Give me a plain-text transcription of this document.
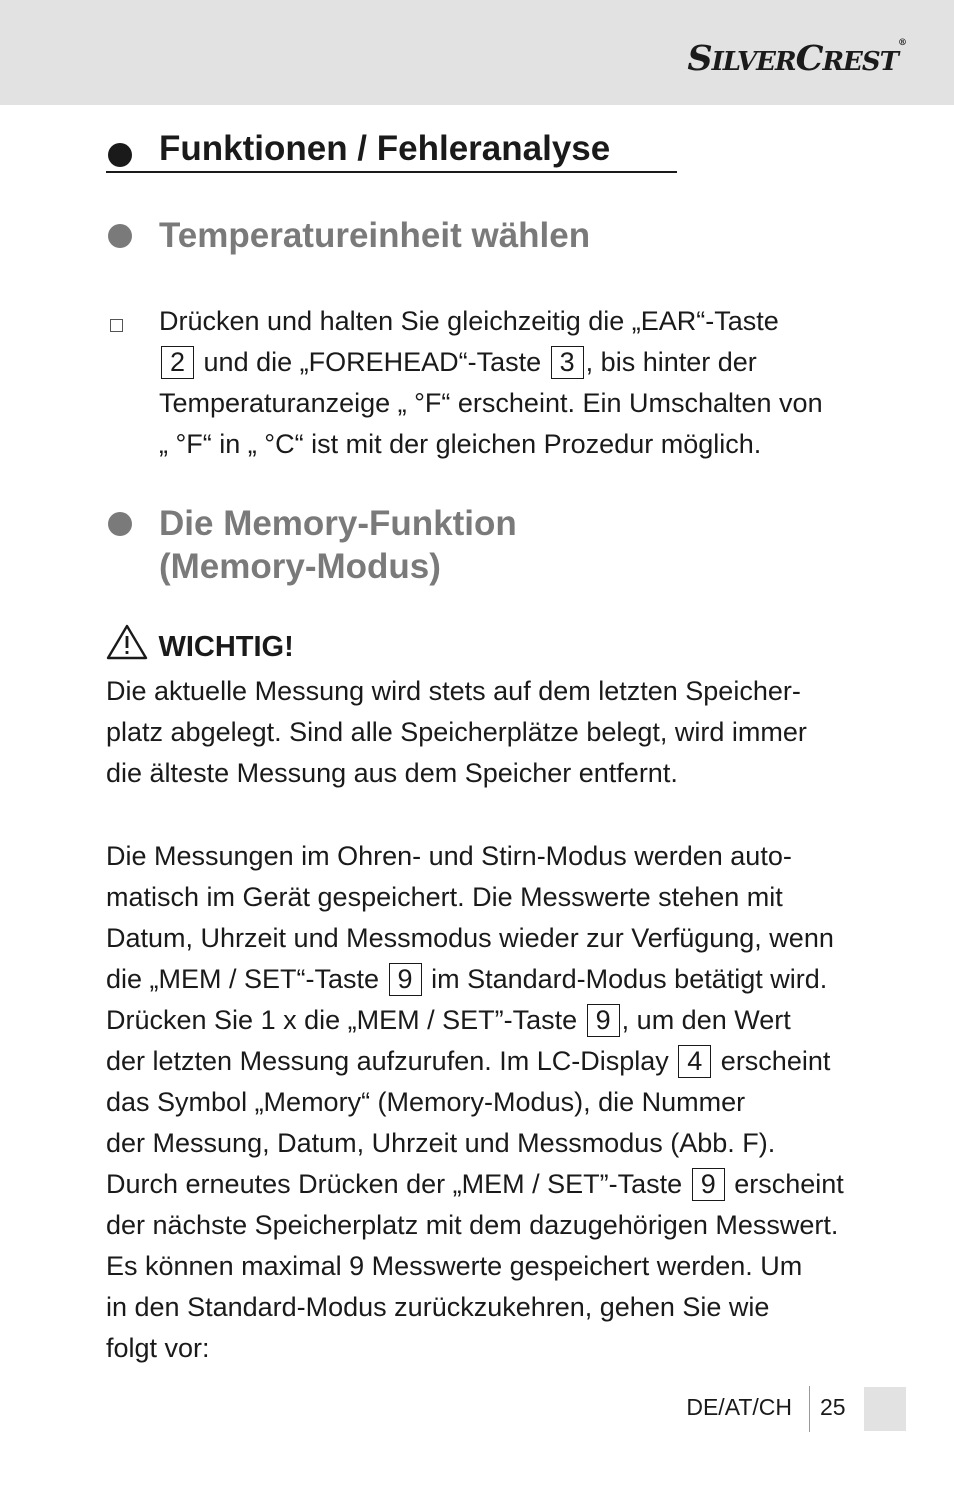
SILVERCREST®
Funktionen / Fehleranalyse
Temperatureinheit wählen
Drücken und halten Sie gleichzeitig die „EAR“-Taste
2 und die „FOREHEAD“-Taste 3 , bis hinter der
Temperaturanzeige „ °F“ erscheint. Ein Umschalten von
„ °F“ in „ °C“ ist mit der gleichen Prozedur möglich.
Die Memory-Funktion
(Memory-Modus)
WICHTIG!
Die aktuelle Messung wird stets auf dem letzten Speicher-
platz abgelegt. Sind alle Speicherplätze belegt, wird immer
die älteste Messung aus dem Speicher entfernt.
Die Messungen im Ohren- und Stirn-Modus werden auto-
matisch im Gerät gespeichert. Die Messwerte stehen mit
Datum, Uhrzeit und Messmodus wieder zur Verfügung, wenn
die „MEM / SET“-Taste 9 im Standard-Modus betätigt wird.
Drücken Sie 1 x die „MEM / SET”-Taste 9 , um den Wert
der letzten Messung aufzurufen. Im LC-Display 4 erscheint
das Symbol „Memory“ (Memory-Modus), die Nummer
der Messung, Datum, Uhrzeit und Messmodus (Abb. F).
Durch erneutes Drücken der „MEM / SET”-Taste 9 erscheint
der nächste Speicherplatz mit dem dazugehörigen Messwert.
Es können maximal 9 Messwerte gespeichert werden. Um
in den Standard-Modus zurückzukehren, gehen Sie wie
folgt vor:
DE/AT/CH 25
